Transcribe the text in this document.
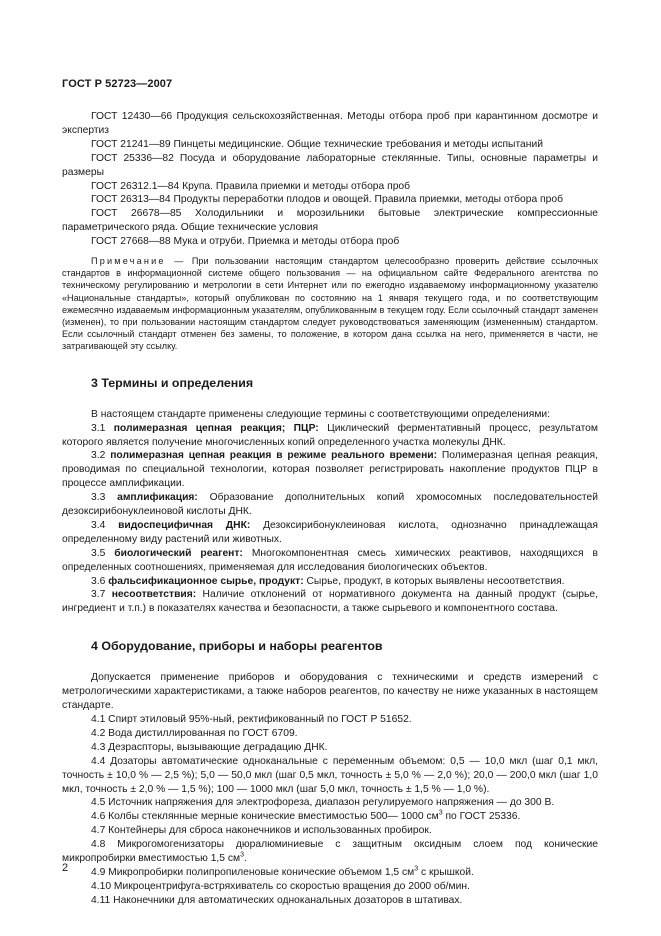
ГОСТ Р 52723—2007

ГОСТ 12430—66 Продукция сельскохозяйственная. Методы отбора проб при карантинном досмотре и экспертиз

ГОСТ 21241—89 Пинцеты медицинские. Общие технические требования и методы испытаний

ГОСТ 25336—82 Посуда и оборудование лабораторные стеклянные. Типы, основные параметры и размеры

ГОСТ 26312.1—84 Крупа. Правила приемки и методы отбора проб

ГОСТ 26313—84 Продукты переработки плодов и овощей. Правила приемки, методы отбора проб

ГОСТ 26678—85 Холодильники и морозильники бытовые электрические компрессионные параметрического ряда. Общие технические условия

ГОСТ 27668—88 Мука и отруби. Приемка и методы отбора проб

Примечание — При пользовании настоящим стандартом целесообразно проверить действие ссылочных стандартов в информационной системе общего пользования — на официальном сайте Федерального агентства по техническому регулированию и метрологии в сети Интернет или по ежегодно издаваемому информационному указателю «Национальные стандарты», который опубликован по состоянию на 1 января текущего года, и по соответствующим ежемесячно издаваемым информационным указателям, опубликованным в текущем году. Если ссылочный стандарт заменен (изменен), то при пользовании настоящим стандартом следует руководствоваться заменяющим (измененным) стандартом. Если ссылочный стандарт отменен без замены, то положение, в котором дана ссылка на него, применяется в части, не затрагивающей эту ссылку.

3 Термины и определения

В настоящем стандарте применены следующие термины с соответствующими определениями:

3.1 полимеразная цепная реакция; ПЦР: Циклический ферментативный процесс, результатом которого является получение многочисленных копий определенного участка молекулы ДНК.

3.2 полимеразная цепная реакция в режиме реального времени: Полимеразная цепная реакция, проводимая по специальной технологии, которая позволяет регистрировать накопление продуктов ПЦР в процессе амплификации.

3.3 амплификация: Образование дополнительных копий хромосомных последовательностей дезоксирибонуклеиновой кислоты ДНК.

3.4 видоспецифичная ДНК: Дезоксирибонуклеиновая кислота, однозначно принадлежащая определенному виду растений или животных.

3.5 биологический реагент: Многокомпонентная смесь химических реактивов, находящихся в определенных соотношениях, применяемая для исследования биологических объектов.

3.6 фальсификационное сырье, продукт: Сырье, продукт, в которых выявлены несоответствия.

3.7 несоответствия: Наличие отклонений от нормативного документа на данный продукт (сырье, ингредиент и т.п.) в показателях качества и безопасности, а также сырьевого и компонентного состава.

4 Оборудование, приборы и наборы реагентов

Допускается применение приборов и оборудования с техническими и средств измерений с метрологическими характеристиками, а также наборов реагентов, по качеству не ниже указанных в настоящем стандарте.

4.1 Спирт этиловый 95%-ный, ректификованный по ГОСТ Р 51652.

4.2 Вода дистиллированная по ГОСТ 6709.

4.3 Дезраспторы, вызывающие деградацию ДНК.

4.4 Дозаторы автоматические одноканальные с переменным объемом: 0,5 — 10,0 мкл (шаг 0,1 мкл, точность ± 10,0 % — 2,5 %); 5,0 — 50,0 мкл (шаг 0,5 мкл, точность ± 5,0 % — 2,0 %); 20,0 — 200,0 мкл (шаг 1,0 мкл, точность ± 2,0 % — 1,5 %); 100 — 1000 мкл (шаг 5,0 мкл, точность ± 1,5 % — 1,0 %).

4.5 Источник напряжения для электрофореза, диапазон регулируемого напряжения — до 300 В.

4.6 Колбы стеклянные мерные конические вместимостью 500— 1000 $см^3$ по ГОСТ 25336.

4.7 Контейнеры для сброса наконечников и использованных пробирок.

4.8 Микрогомогенизаторы дюралюминиевые с защитным оксидным слоем под конические микропробирки вместимостью 1,5 $см^3$.

4.9 Микропробирки полипропиленовые конические объемом 1,5 $см^3$ с крышкой.

4.10 Микроцентрифуга-встряхиватель со скоростью вращения до 2000 об/мин.

4.11 Наконечники для автоматических одноканальных дозаторов в штативах.

2
